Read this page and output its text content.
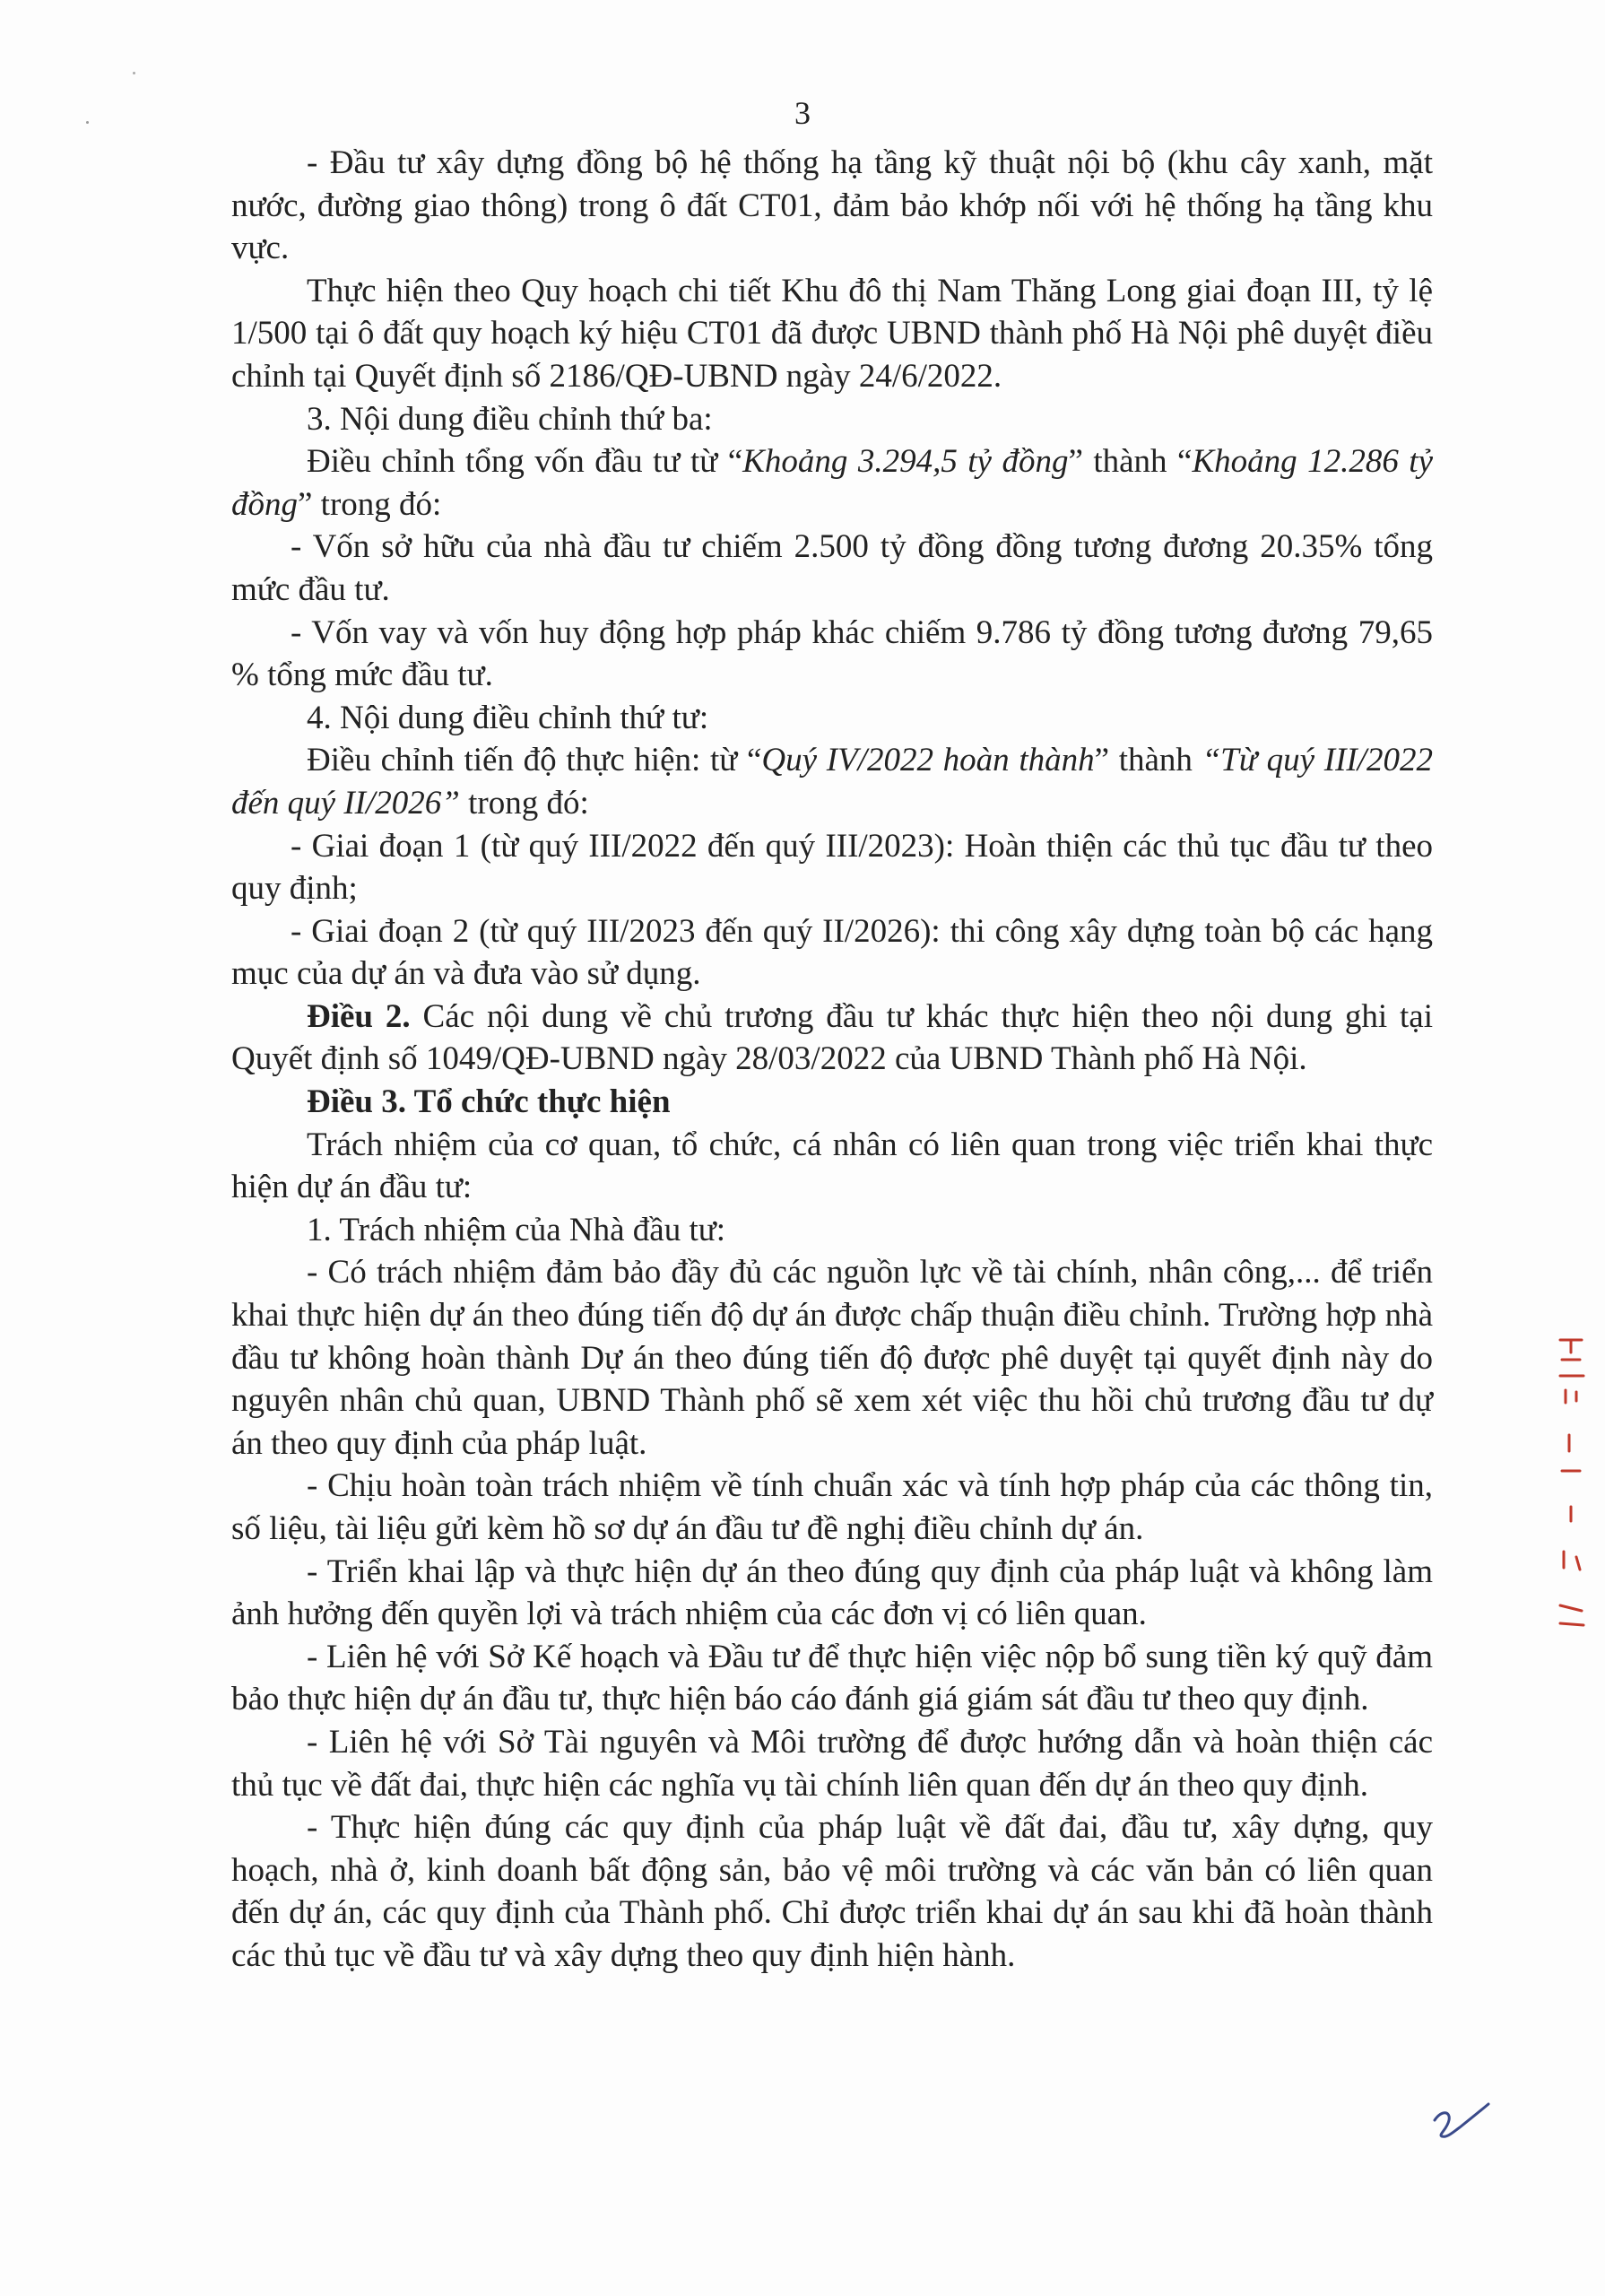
3

- Đầu tư xây dựng đồng bộ hệ thống hạ tầng kỹ thuật nội bộ (khu cây xanh, mặt nước, đường giao thông) trong ô đất CT01, đảm bảo khớp nối với hệ thống hạ tầng khu vực.

Thực hiện theo Quy hoạch chi tiết Khu đô thị Nam Thăng Long giai đoạn III, tỷ lệ 1/500 tại ô đất quy hoạch ký hiệu CT01 đã được UBND thành phố Hà Nội phê duyệt điều chỉnh tại Quyết định số 2186/QĐ-UBND ngày 24/6/2022.

3. Nội dung điều chỉnh thứ ba:

Điều chỉnh tổng vốn đầu tư từ “Khoảng 3.294,5 tỷ đồng” thành “Khoảng 12.286 tỷ đồng” trong đó:

- Vốn sở hữu của nhà đầu tư chiếm 2.500 tỷ đồng đồng tương đương 20.35% tổng mức đầu tư.

- Vốn vay và vốn huy động hợp pháp khác chiếm 9.786 tỷ đồng tương đương 79,65 % tổng mức đầu tư.

4. Nội dung điều chỉnh thứ tư:

Điều chỉnh tiến độ thực hiện: từ “Quý IV/2022 hoàn thành” thành “Từ quý III/2022 đến quý II/2026” trong đó:

- Giai đoạn 1 (từ quý III/2022 đến quý III/2023): Hoàn thiện các thủ tục đầu tư theo quy định;

- Giai đoạn 2 (từ quý III/2023 đến quý II/2026): thi công xây dựng toàn bộ các hạng mục của dự án và đưa vào sử dụng.

Điều 2. Các nội dung về chủ trương đầu tư khác thực hiện theo nội dung ghi tại Quyết định số 1049/QĐ-UBND ngày 28/03/2022 của UBND Thành phố Hà Nội.

Điều 3. Tổ chức thực hiện

Trách nhiệm của cơ quan, tổ chức, cá nhân có liên quan trong việc triển khai thực hiện dự án đầu tư:

1. Trách nhiệm của Nhà đầu tư:

- Có trách nhiệm đảm bảo đầy đủ các nguồn lực về tài chính, nhân công,... để triển khai thực hiện dự án theo đúng tiến độ dự án được chấp thuận điều chỉnh. Trường hợp nhà đầu tư không hoàn thành Dự án theo đúng tiến độ được phê duyệt tại quyết định này do nguyên nhân chủ quan, UBND Thành phố sẽ xem xét việc thu hồi chủ trương đầu tư dự án theo quy định của pháp luật.

- Chịu hoàn toàn trách nhiệm về tính chuẩn xác và tính hợp pháp của các thông tin, số liệu, tài liệu gửi kèm hồ sơ dự án đầu tư đề nghị điều chỉnh dự án.

- Triển khai lập và thực hiện dự án theo đúng quy định của pháp luật và không làm ảnh hưởng đến quyền lợi và trách nhiệm của các đơn vị có liên quan.

- Liên hệ với Sở Kế hoạch và Đầu tư để thực hiện việc nộp bổ sung tiền ký quỹ đảm bảo thực hiện dự án đầu tư, thực hiện báo cáo đánh giá giám sát đầu tư theo quy định.

- Liên hệ với Sở Tài nguyên và Môi trường để được hướng dẫn và hoàn thiện các thủ tục về đất đai, thực hiện các nghĩa vụ tài chính liên quan đến dự án theo quy định.

- Thực hiện đúng các quy định của pháp luật về đất đai, đầu tư, xây dựng, quy hoạch, nhà ở, kinh doanh bất động sản, bảo vệ môi trường và các văn bản có liên quan đến dự án, các quy định của Thành phố. Chỉ được triển khai dự án sau khi đã hoàn thành các thủ tục về đầu tư và xây dựng theo quy định hiện hành.
